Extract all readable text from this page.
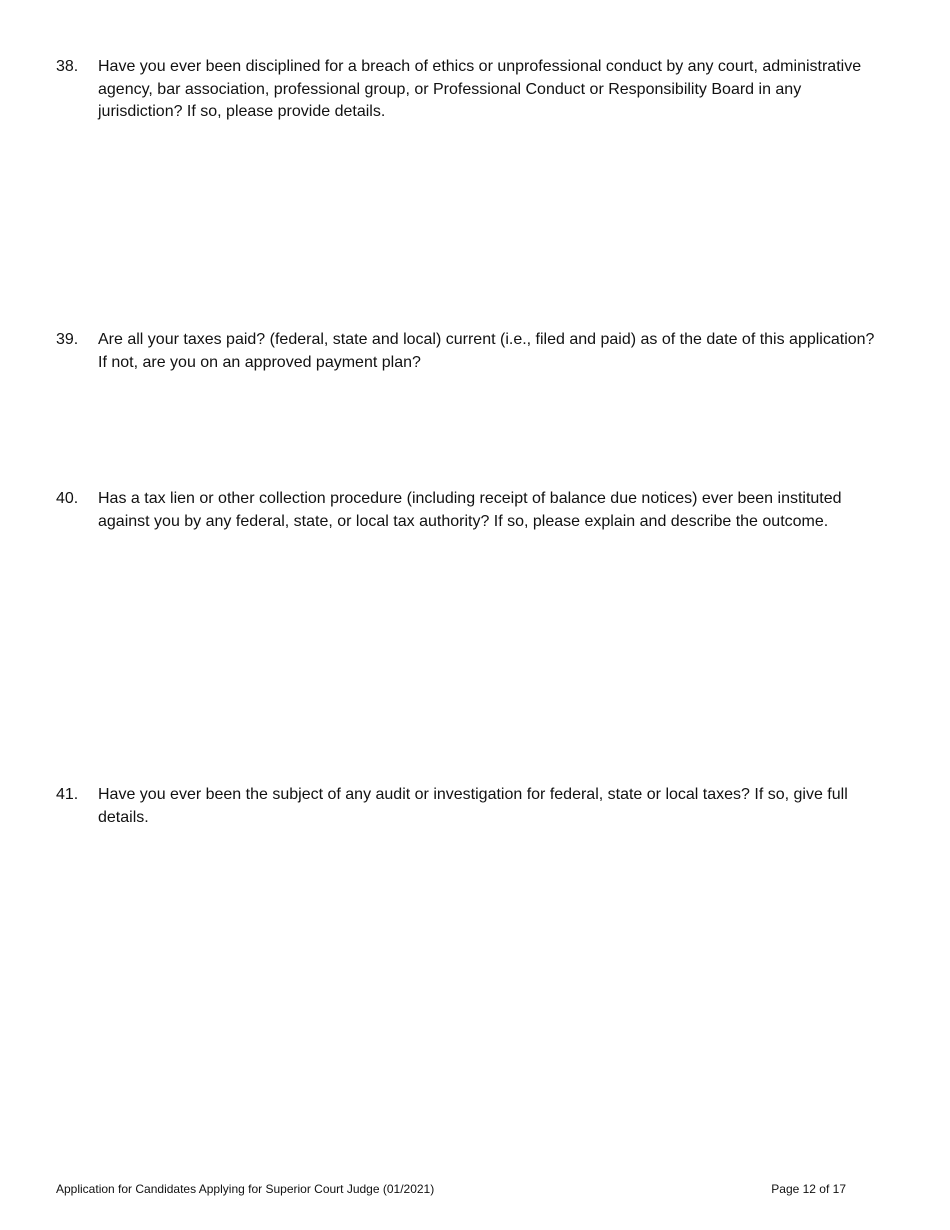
38.	Have you ever been disciplined for a breach of ethics or unprofessional conduct by any court, administrative agency, bar association, professional group, or Professional Conduct or Responsibility Board in any jurisdiction? If so, please provide details.
39.	Are all your taxes paid? (federal, state and local) current (i.e., filed and paid) as of the date of this application? If not, are you on an approved payment plan?
40.	Has a tax lien or other collection procedure (including receipt of balance due notices) ever been instituted against you by any federal, state, or local tax authority? If so, please explain and describe the outcome.
41.	Have you ever been the subject of any audit or investigation for federal, state or local taxes? If so, give full details.
Application for Candidates Applying for Superior Court Judge (01/2021)	Page 12 of 17
